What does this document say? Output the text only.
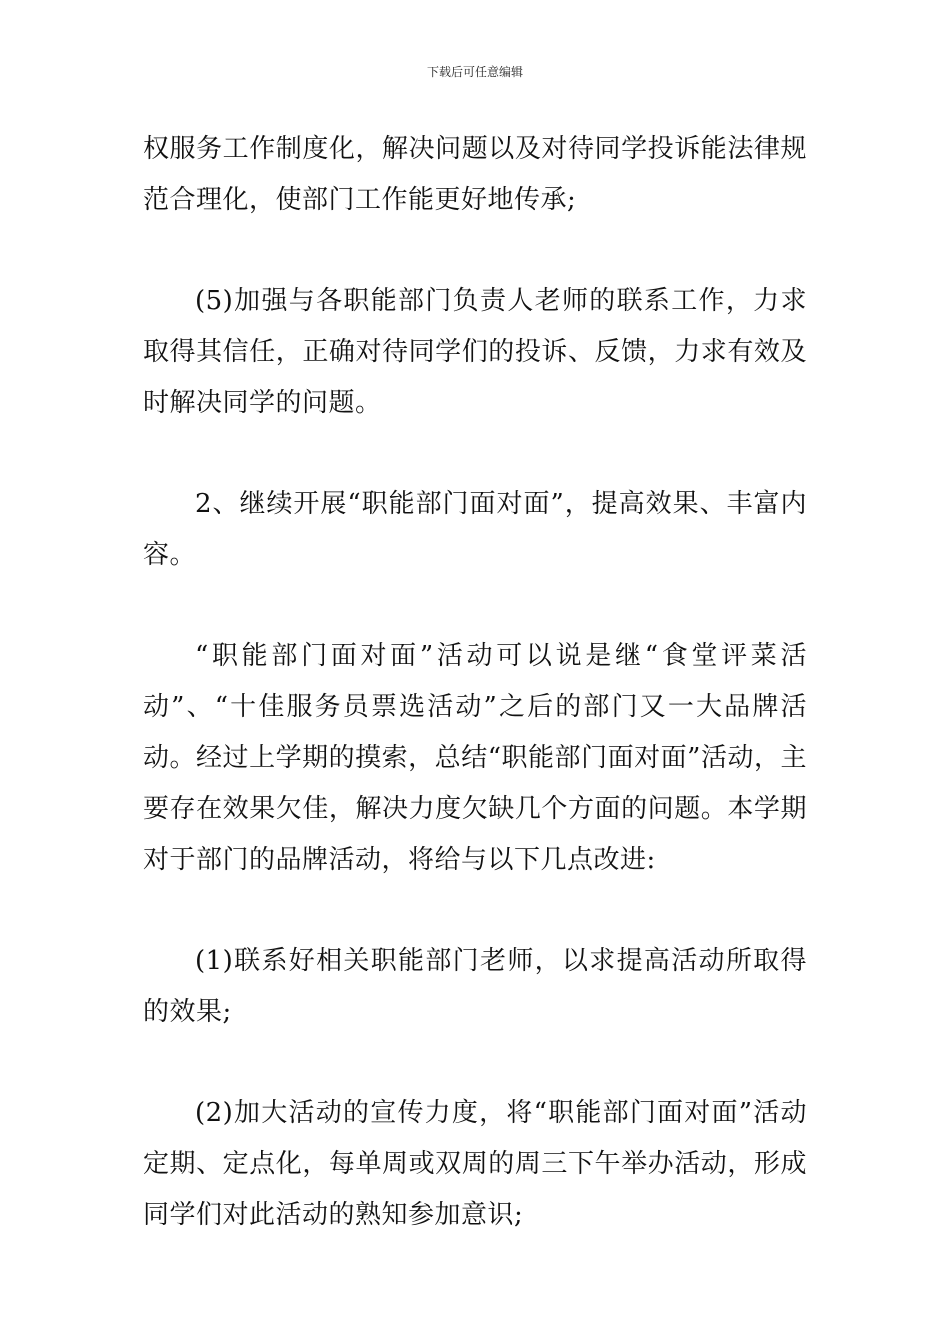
下载后可任意编辑

权服务工作制度化，解决问题以及对待同学投诉能法律规范合理化，使部门工作能更好地传承;

(5)加强与各职能部门负责人老师的联系工作，力求取得其信任，正确对待同学们的投诉、反馈，力求有效及时解决同学的问题。

2、继续开展“职能部门面对面”，提高效果、丰富内容。

“职能部门面对面”活动可以说是继“食堂评菜活动”、“十佳服务员票选活动”之后的部门又一大品牌活动。经过上学期的摸索，总结“职能部门面对面”活动，主要存在效果欠佳，解决力度欠缺几个方面的问题。本学期对于部门的品牌活动，将给与以下几点改进:

(1)联系好相关职能部门老师，以求提高活动所取得的效果;

(2)加大活动的宣传力度，将“职能部门面对面”活动定期、定点化，每单周或双周的周三下午举办活动，形成同学们对此活动的熟知参加意识;
